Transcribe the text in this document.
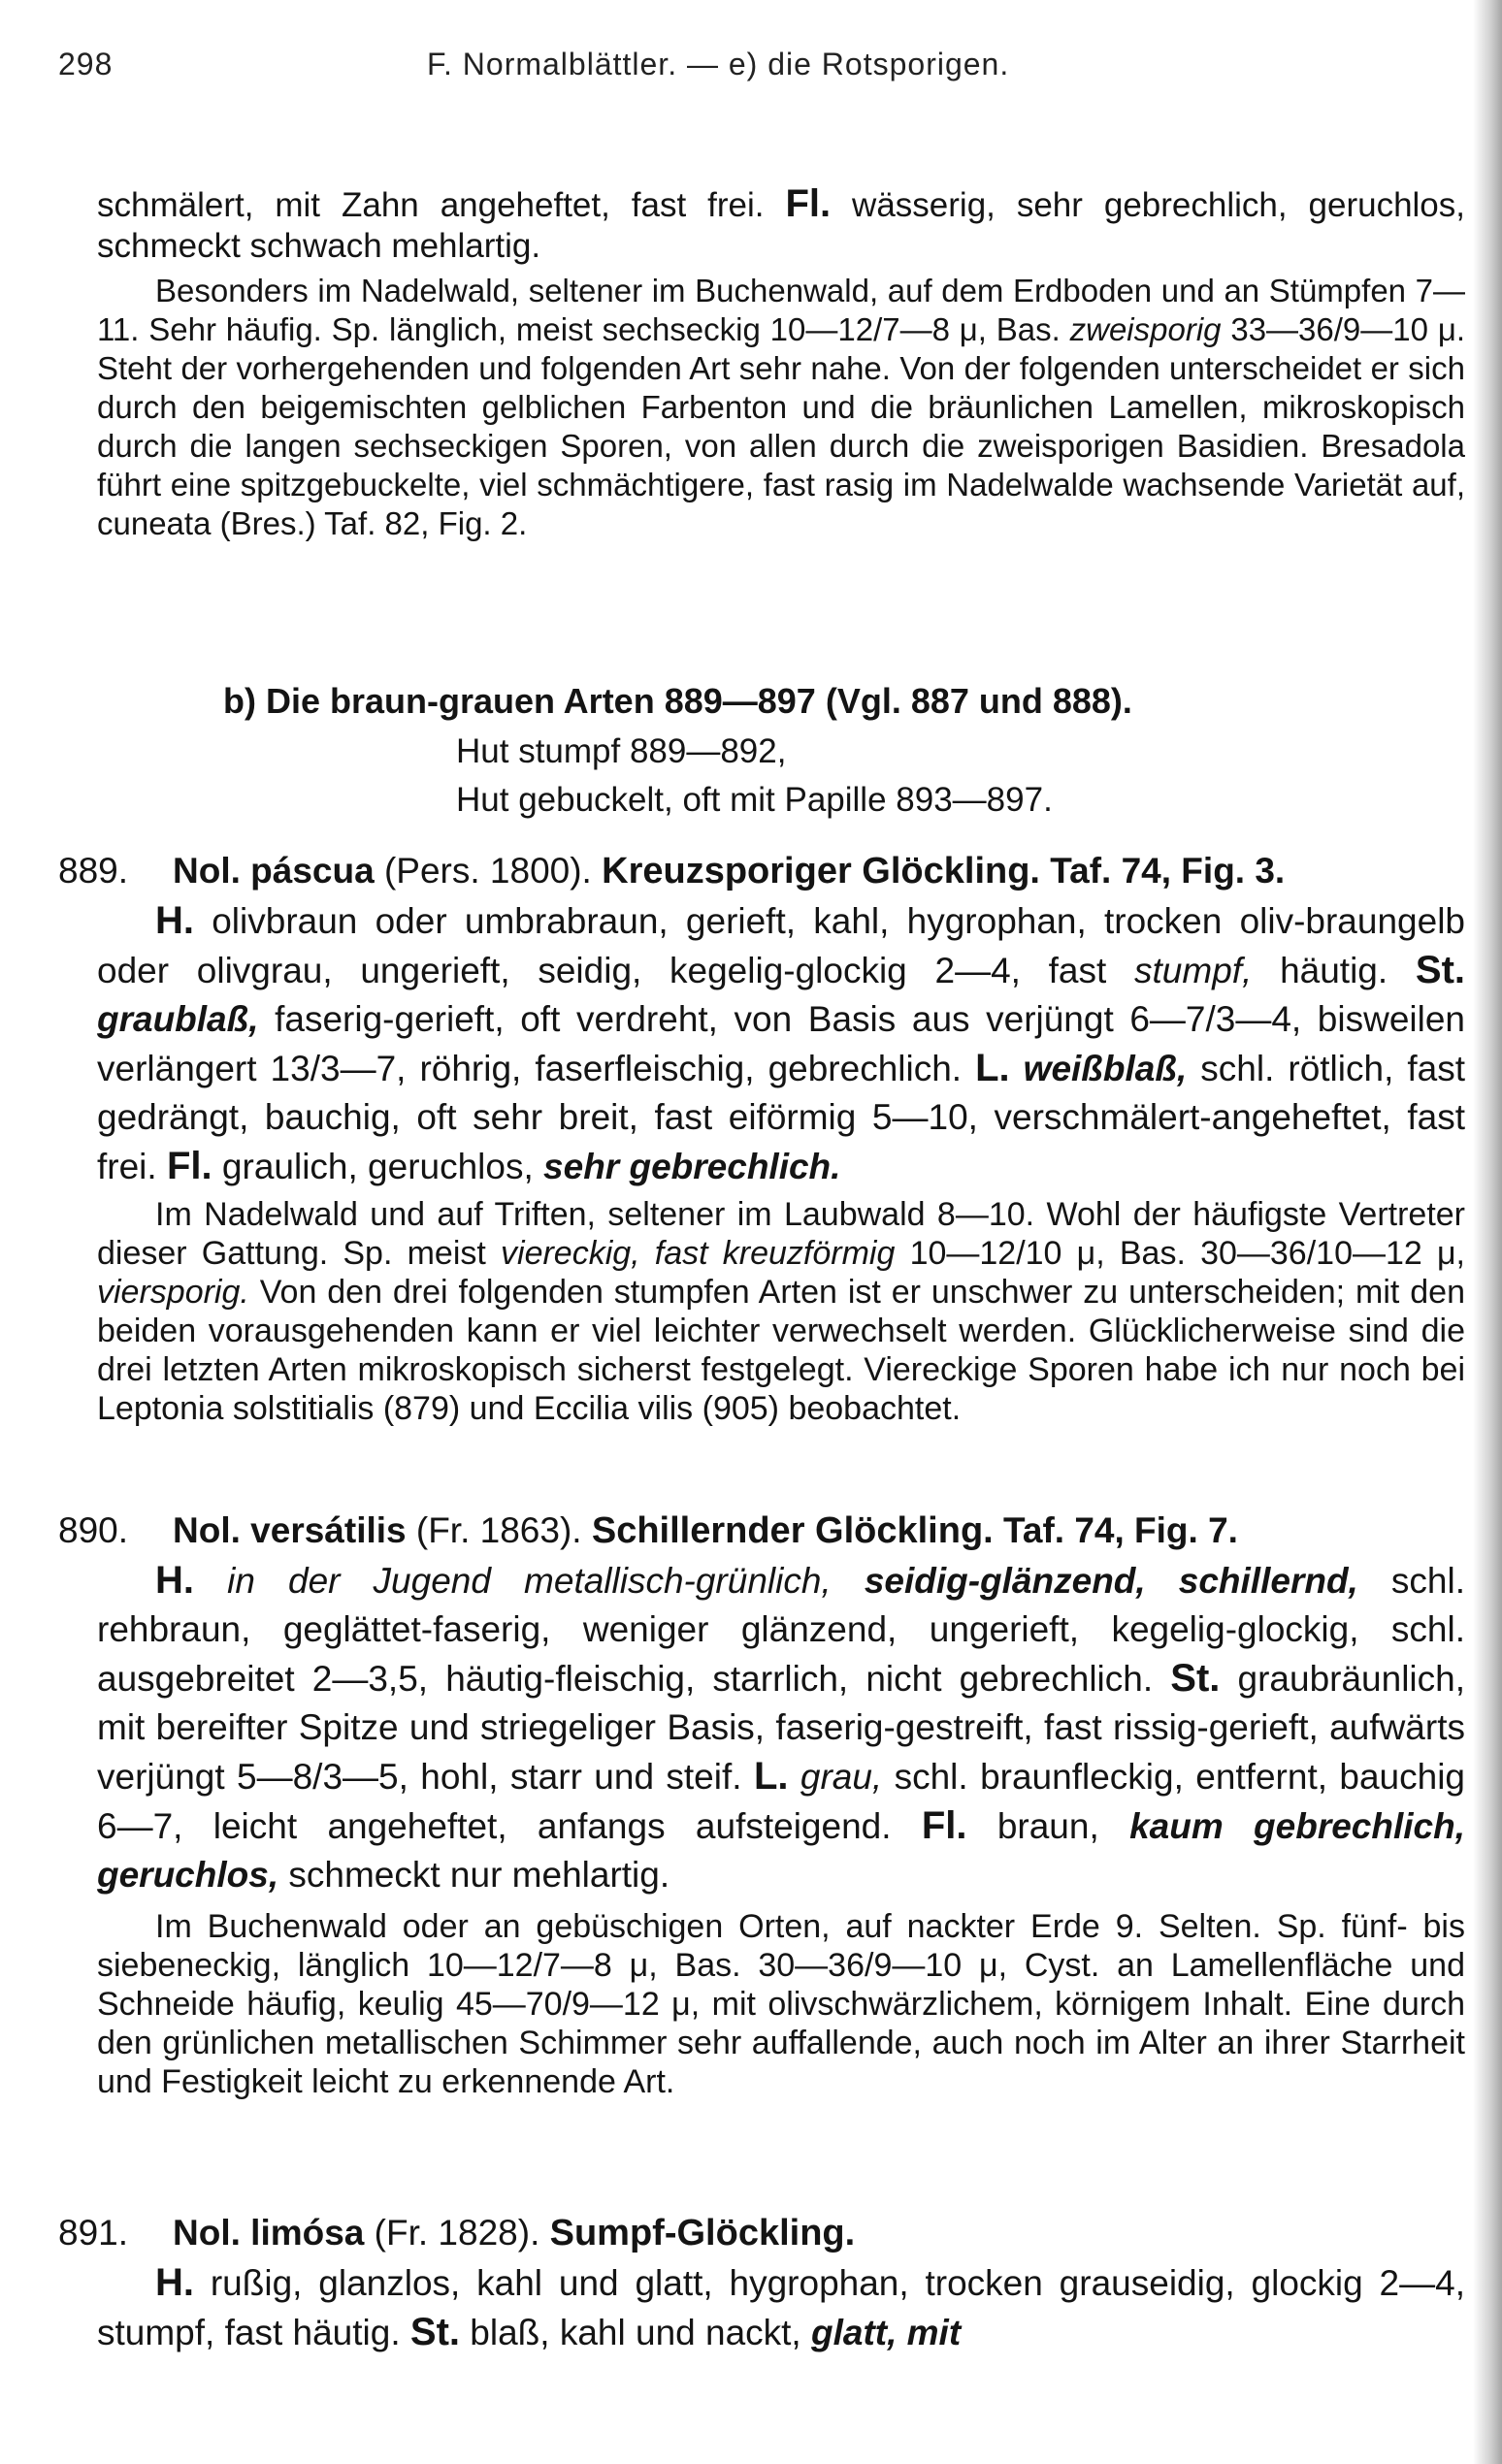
298	F. Normalblättler. — e) die Rotsporigen.

schmälert, mit Zahn angeheftet, fast frei. Fl. wässerig, sehr gebrechlich, geruchlos, schmeckt schwach mehlartig.

Besonders im Nadelwald, seltener im Buchenwald, auf dem Erdboden und an Stümpfen 7—11. Sehr häufig. Sp. länglich, meist sechseckig 10—12/7—8 μ, Bas. zweisporig 33—36/9—10 μ. Steht der vorhergehenden und folgenden Art sehr nahe. Von der folgenden unterscheidet er sich durch den beigemischten gelblichen Farbenton und die bräunlichen Lamellen, mikroskopisch durch die langen sechseckigen Sporen, von allen durch die zweisporigen Basidien. Bresadola führt eine spitzgebuckelte, viel schmächtigere, fast rasig im Nadelwalde wachsende Varietät auf, cuneata (Bres.) Taf. 82, Fig. 2.

b) Die braun-grauen Arten 889—897 (Vgl. 887 und 888).
Hut stumpf 889—892,
Hut gebuckelt, oft mit Papille 893—897.
889. Nol. páscua (Pers. 1800). Kreuzsporiger Glöckling. Taf. 74, Fig. 3.

H. olivbraun oder umbrabraun, gerieft, kahl, hygrophan, trocken oliv-braungelb oder olivgrau, ungerieft, seidig, kegelig-glockig 2—4, fast stumpf, häutig. St. graublaß, faserig-gerieft, oft verdreht, von Basis aus verjüngt 6—7/3—4, bisweilen verlängert 13/3—7, röhrig, faserfleischig, gebrechlich. L. weißblaß, schl. rötlich, fast gedrängt, bauchig, oft sehr breit, fast eiförmig 5—10, verschmälert-angeheftet, fast frei. Fl. graulich, geruchlos, sehr gebrechlich.

Im Nadelwald und auf Triften, seltener im Laubwald 8—10. Wohl der häufigste Vertreter dieser Gattung. Sp. meist viereckig, fast kreuzförmig 10—12/10 μ, Bas. 30—36/10—12 μ, viersporig. Von den drei folgenden stumpfen Arten ist er unschwer zu unterscheiden; mit den beiden vorausgehenden kann er viel leichter verwechselt werden. Glücklicherweise sind die drei letzten Arten mikroskopisch sicherst festgelegt. Viereckige Sporen habe ich nur noch bei Leptonia solstitialis (879) und Eccilia vilis (905) beobachtet.

890. Nol. versátilis (Fr. 1863). Schillernder Glöckling. Taf. 74, Fig. 7.

H. in der Jugend metallisch-grünlich, seidig-glänzend, schillernd, schl. rehbraun, geglättet-faserig, weniger glänzend, ungerieft, kegelig-glockig, schl. ausgebreitet 2—3,5, häutig-fleischig, starrlich, nicht gebrechlich. St. graubräunlich, mit bereifter Spitze und striegeliger Basis, faserig-gestreift, fast rissig-gerieft, aufwärts verjüngt 5—8/3—5, hohl, starr und steif. L. grau, schl. braunfleckig, entfernt, bauchig 6—7, leicht angeheftet, anfangs aufsteigend. Fl. braun, kaum gebrechlich, geruchlos, schmeckt nur mehlartig.

Im Buchenwald oder an gebüschigen Orten, auf nackter Erde 9. Selten. Sp. fünf- bis siebeneckig, länglich 10—12/7—8 μ, Bas. 30—36/9—10 μ, Cyst. an Lamellenfläche und Schneide häufig, keulig 45—70/9—12 μ, mit olivschwärzlichem, körnigem Inhalt. Eine durch den grünlichen metallischen Schimmer sehr auffallende, auch noch im Alter an ihrer Starrheit und Festigkeit leicht zu erkennende Art.

891. Nol. limósa (Fr. 1828). Sumpf-Glöckling.

H. rußig, glanzlos, kahl und glatt, hygrophan, trocken grauseidig, glockig 2—4, stumpf, fast häutig. St. blaß, kahl und nackt, glatt, mit
